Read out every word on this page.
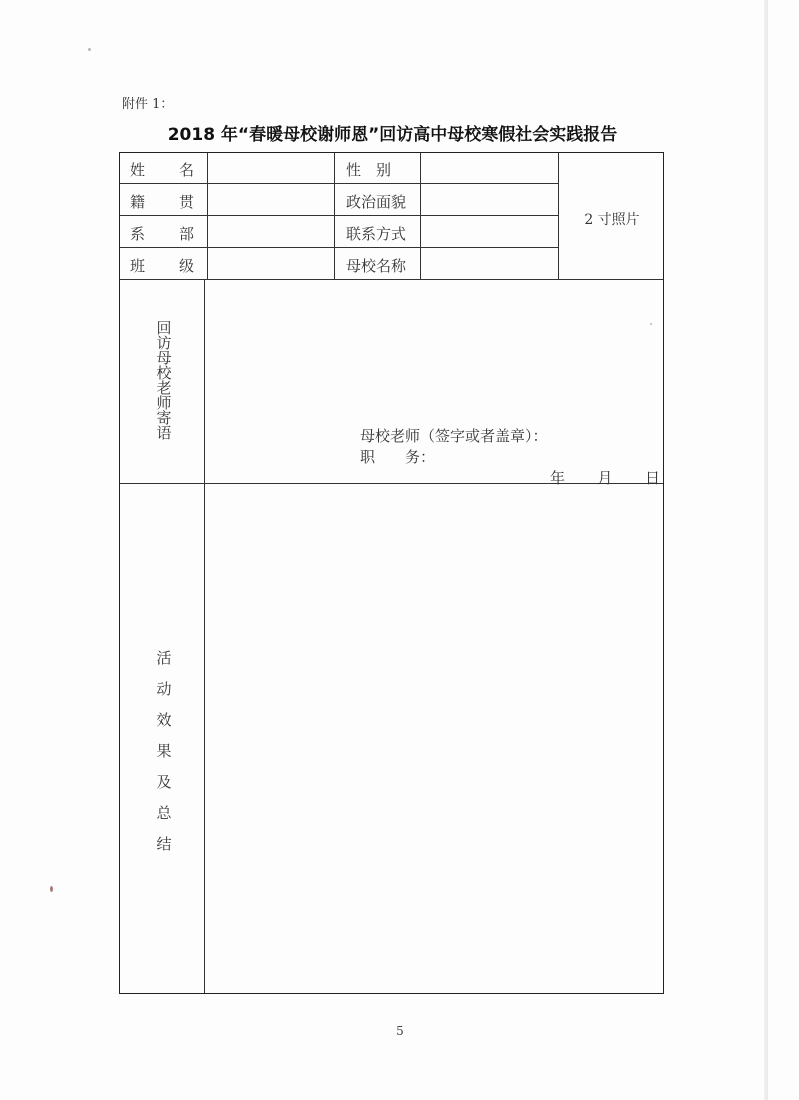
附件 1：
2018 年“春暖母校谢师恩”回访高中母校寒假社会实践报告
姓 名	性　别
籍 贯	政治面貌
系 部	联系方式
班 级	母校名称
2 寸照片
回
访
母
校
老
师
寄
语	母校老师（签字或者盖章）：
职　　务：
年 月 日
活
动
效
果
及
总
结
5
